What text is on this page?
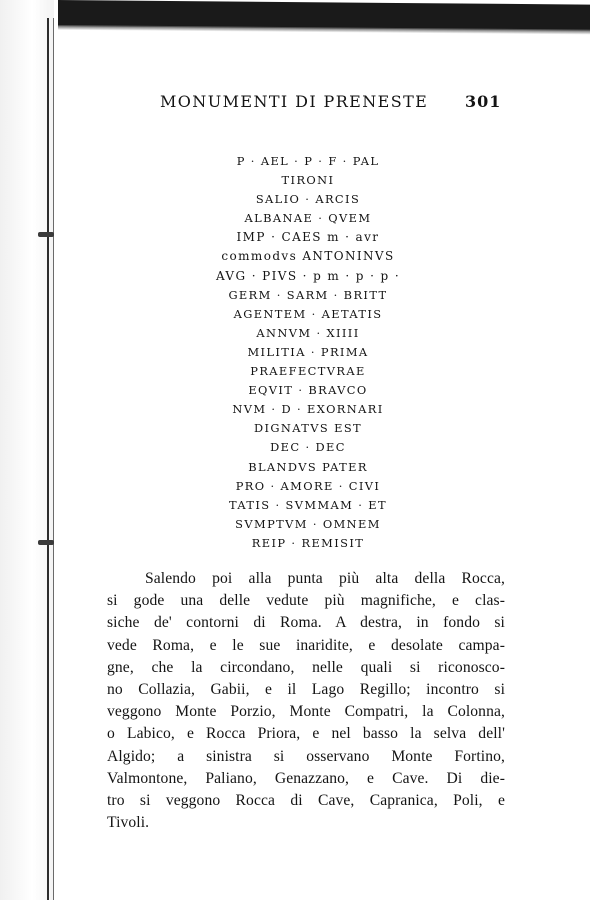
MONUMENTI DI PRENESTE 301
P · AEL · P · F · PAL
TIRONI
SALIO · ARCIS
ALBANAE · QVEM
IMP · CAES m · avr
commodvs ANTONINVS
AVG · PIVS · p m · p · p ·
GERM · SARM · BRITT
AGENTEM · AETATIS
ANNVM · XIIII
MILITIA · PRIMA
PRAEFECTVRAE
EQVIT · BRAVCO
NVM · D · EXORNARI
DIGNATVS EST
DEC · DEC
BLANDVS PATER
PRO · AMORE · CIVI
TATIS · SVMMAM · ET
SVMPTVM · OMNEM
REIP · REMISIT
Salendo poi alla punta più alta della Rocca,
si gode una delle vedute più magnifiche, e clas-
siche de' contorni di Roma. A destra, in fondo si
vede Roma, e le sue inaridite, e desolate campa-
gne, che la circondano, nelle quali si riconosco-
no Collazia, Gabii, e il Lago Regillo; incontro si
veggono Monte Porzio, Monte Compatri, la Colonna,
o Labico, e Rocca Priora, e nel basso la selva dell'
Algido; a sinistra si osservano Monte Fortino,
Valmontone, Paliano, Genazzano, e Cave. Di die-
tro si veggono Rocca di Cave, Capranica, Poli, e
Tivoli.
